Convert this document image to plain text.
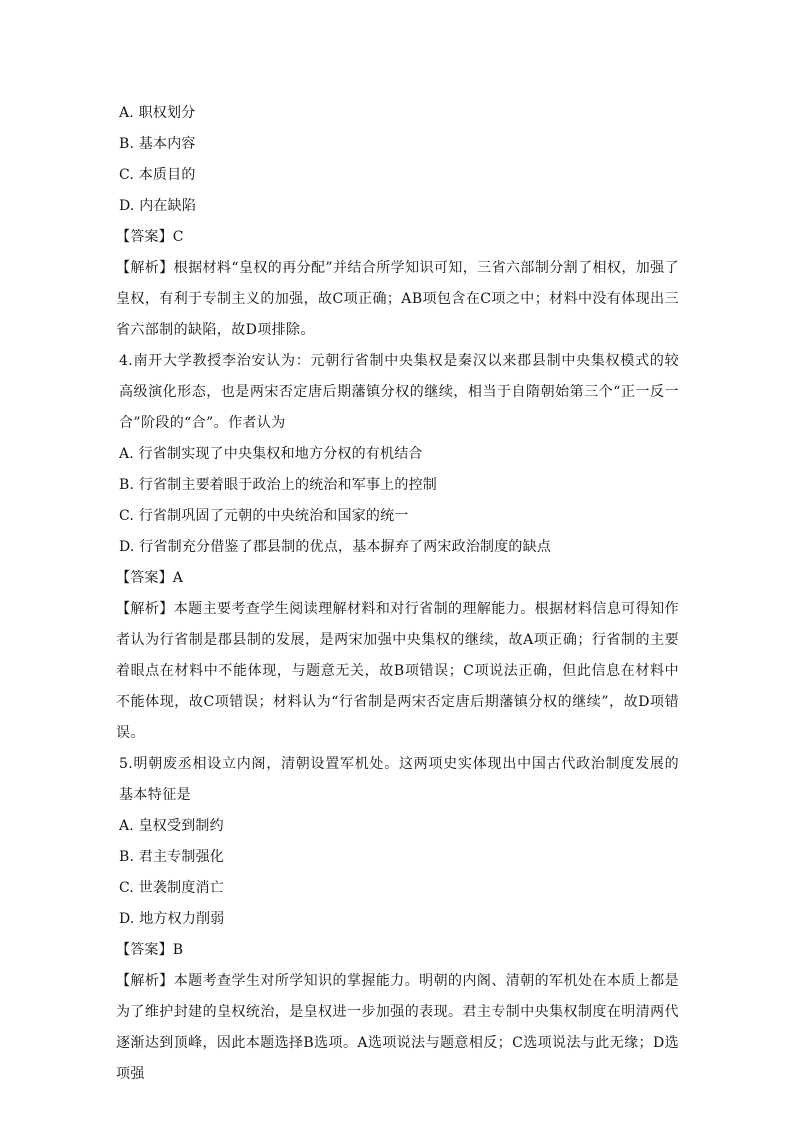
A. 职权划分
B. 基本内容
C. 本质目的
D. 内在缺陷
【答案】C
【解析】根据材料“皇权的再分配”并结合所学知识可知，三省六部制分割了相权，加强了皇权，有利于专制主义的加强，故C项正确；AB项包含在C项之中；材料中没有体现出三省六部制的缺陷，故D项排除。
4.南开大学教授李治安认为：元朝行省制中央集权是秦汉以来郡县制中央集权模式的较高级演化形态，也是两宋否定唐后期藩镇分权的继续，相当于自隋朝始第三个“正一反一合”阶段的“合”。作者认为
A. 行省制实现了中央集权和地方分权的有机结合
B. 行省制主要着眼于政治上的统治和军事上的控制
C. 行省制巩固了元朝的中央统治和国家的统一
D. 行省制充分借鉴了郡县制的优点，基本摒弃了两宋政治制度的缺点
【答案】A
【解析】本题主要考查学生阅读理解材料和对行省制的理解能力。根据材料信息可得知作者认为行省制是郡县制的发展，是两宋加强中央集权的继续，故A项正确；行省制的主要着眼点在材料中不能体现，与题意无关，故B项错误；C项说法正确，但此信息在材料中不能体现，故C项错误；材料认为“行省制是两宋否定唐后期藩镇分权的继续”，故D项错误。
5.明朝废丞相设立内阁，清朝设置军机处。这两项史实体现出中国古代政治制度发展的基本特征是
A. 皇权受到制约
B. 君主专制强化
C. 世袭制度消亡
D. 地方权力削弱
【答案】B
【解析】本题考查学生对所学知识的掌握能力。明朝的内阁、清朝的军机处在本质上都是为了维护封建的皇权统治，是皇权进一步加强的表现。君主专制中央集权制度在明清两代逐渐达到顶峰，因此本题选择B选项。A选项说法与题意相反；C选项说法与此无缘；D选项强
